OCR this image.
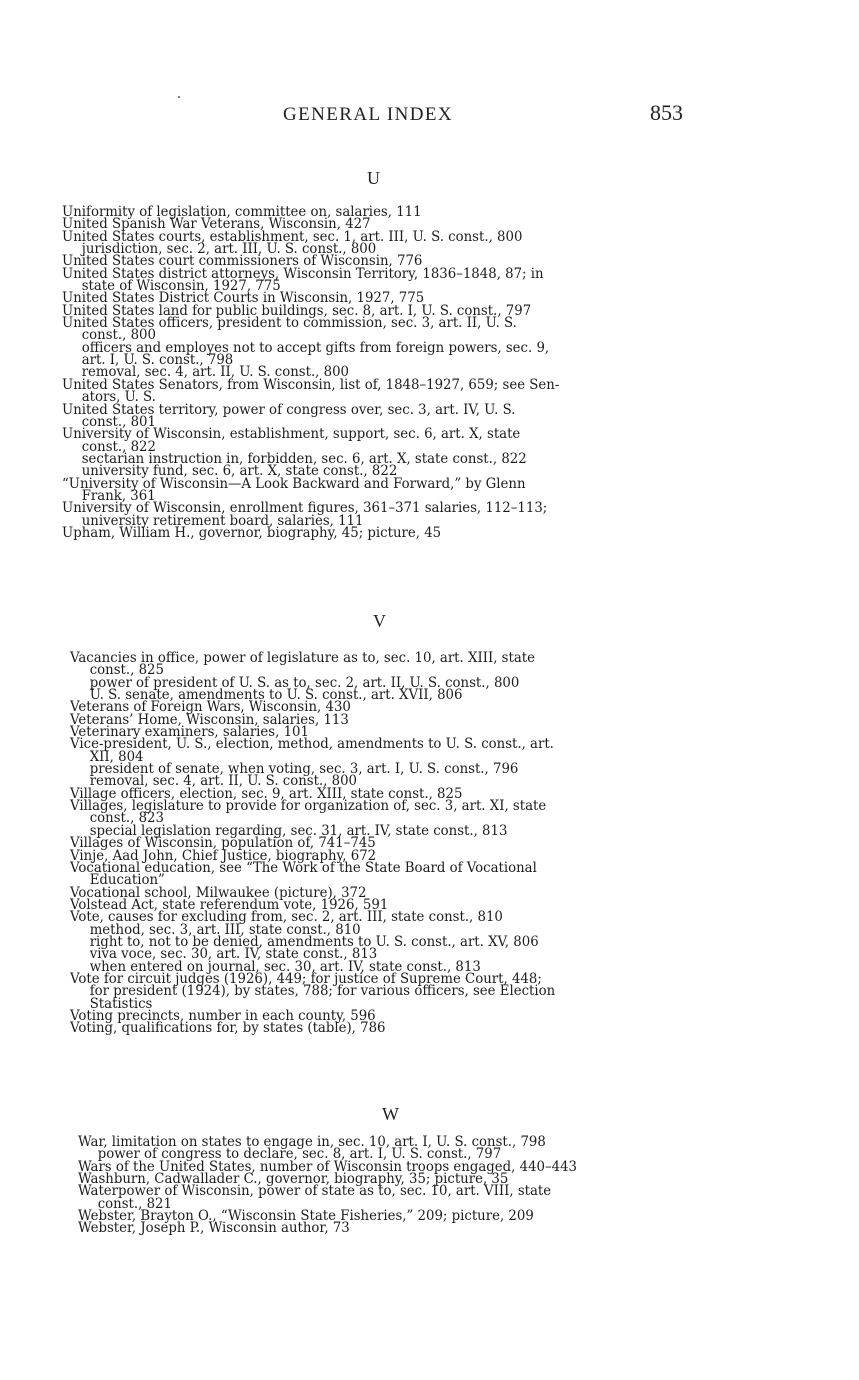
GENERAL INDEX	853
U
Uniformity of legislation, committee on, salaries, 111
United Spanish War Veterans, Wisconsin, 427
United States courts, establishment, sec. 1, art. III, U. S. const., 800
jurisdiction, sec. 2, art. III, U. S. const., 800
United States court commissioners of Wisconsin, 776
United States district attorneys, Wisconsin Territory, 1836–1848, 87; in
state of Wisconsin, 1927, 775
United States District Courts in Wisconsin, 1927, 775
United States land for public buildings, sec. 8, art. I, U. S. const., 797
United States officers, president to commission, sec. 3, art. II, U. S.
const., 800
officers and employes not to accept gifts from foreign powers, sec. 9,
art. I, U. S. const., 798
removal, sec. 4, art. II, U. S. const., 800
United States Senators, from Wisconsin, list of, 1848–1927, 659; see Sen-
ators, U. S.
United States territory, power of congress over, sec. 3, art. IV, U. S.
const., 801
University of Wisconsin, establishment, support, sec. 6, art. X, state
const., 822
sectarian instruction in, forbidden, sec. 6, art. X, state const., 822
university fund, sec. 6, art. X, state const., 822
“University of Wisconsin—A Look Backward and Forward,” by Glenn
Frank, 361
University of Wisconsin, enrollment figures, 361–371 salaries, 112–113;
university retirement board, salaries, 111
Upham, William H., governor, biography, 45; picture, 45
V
Vacancies in office, power of legislature as to, sec. 10, art. XIII, state
const., 825
power of president of U. S. as to, sec. 2, art. II, U. S. const., 800
U. S. senate, amendments to U. S. const., art. XVII, 806
Veterans of Foreign Wars, Wisconsin, 430
Veterans’ Home, Wisconsin, salaries, 113
Veterinary examiners, salaries, 101
Vice-president, U. S., election, method, amendments to U. S. const., art.
XII, 804
president of senate, when voting, sec. 3, art. I, U. S. const., 796
removal, sec. 4, art. II, U. S. const., 800
Village officers, election, sec. 9, art. XIII, state const., 825
Villages, legislature to provide for organization of, sec. 3, art. XI, state
const., 823
special legislation regarding, sec. 31, art. IV, state const., 813
Villages of Wisconsin, population of, 741–745
Vinje, Aad John, Chief Justice, biography, 672
Vocational education, see “The Work of the State Board of Vocational
Education”
Vocational school, Milwaukee (picture), 372
Volstead Act, state referendum vote, 1926, 591
Vote, causes for excluding from, sec. 2, art. III, state const., 810
method, sec. 3, art. III, state const., 810
right to, not to be denied, amendments to U. S. const., art. XV, 806
viva voce, sec. 30, art. IV, state const., 813
when entered on journal, sec. 30, art. IV, state const., 813
Vote for circuit judges (1926), 449; for justice of Supreme Court, 448;
for president (1924), by states, 788; for various officers, see Election
Statistics
Voting precincts, number in each county, 596
Voting, qualifications for, by states (table), 786
W
War, limitation on states to engage in, sec. 10, art. I, U. S. const., 798
power of congress to declare, sec. 8, art. I, U. S. const., 797
Wars of the United States, number of Wisconsin troops engaged, 440–443
Washburn, Cadwallader C., governor, biography, 35; picture, 35
Waterpower of Wisconsin, power of state as to, sec. 10, art. VIII, state
const., 821
Webster, Brayton O., “Wisconsin State Fisheries,” 209; picture, 209
Webster, Joseph P., Wisconsin author, 73
